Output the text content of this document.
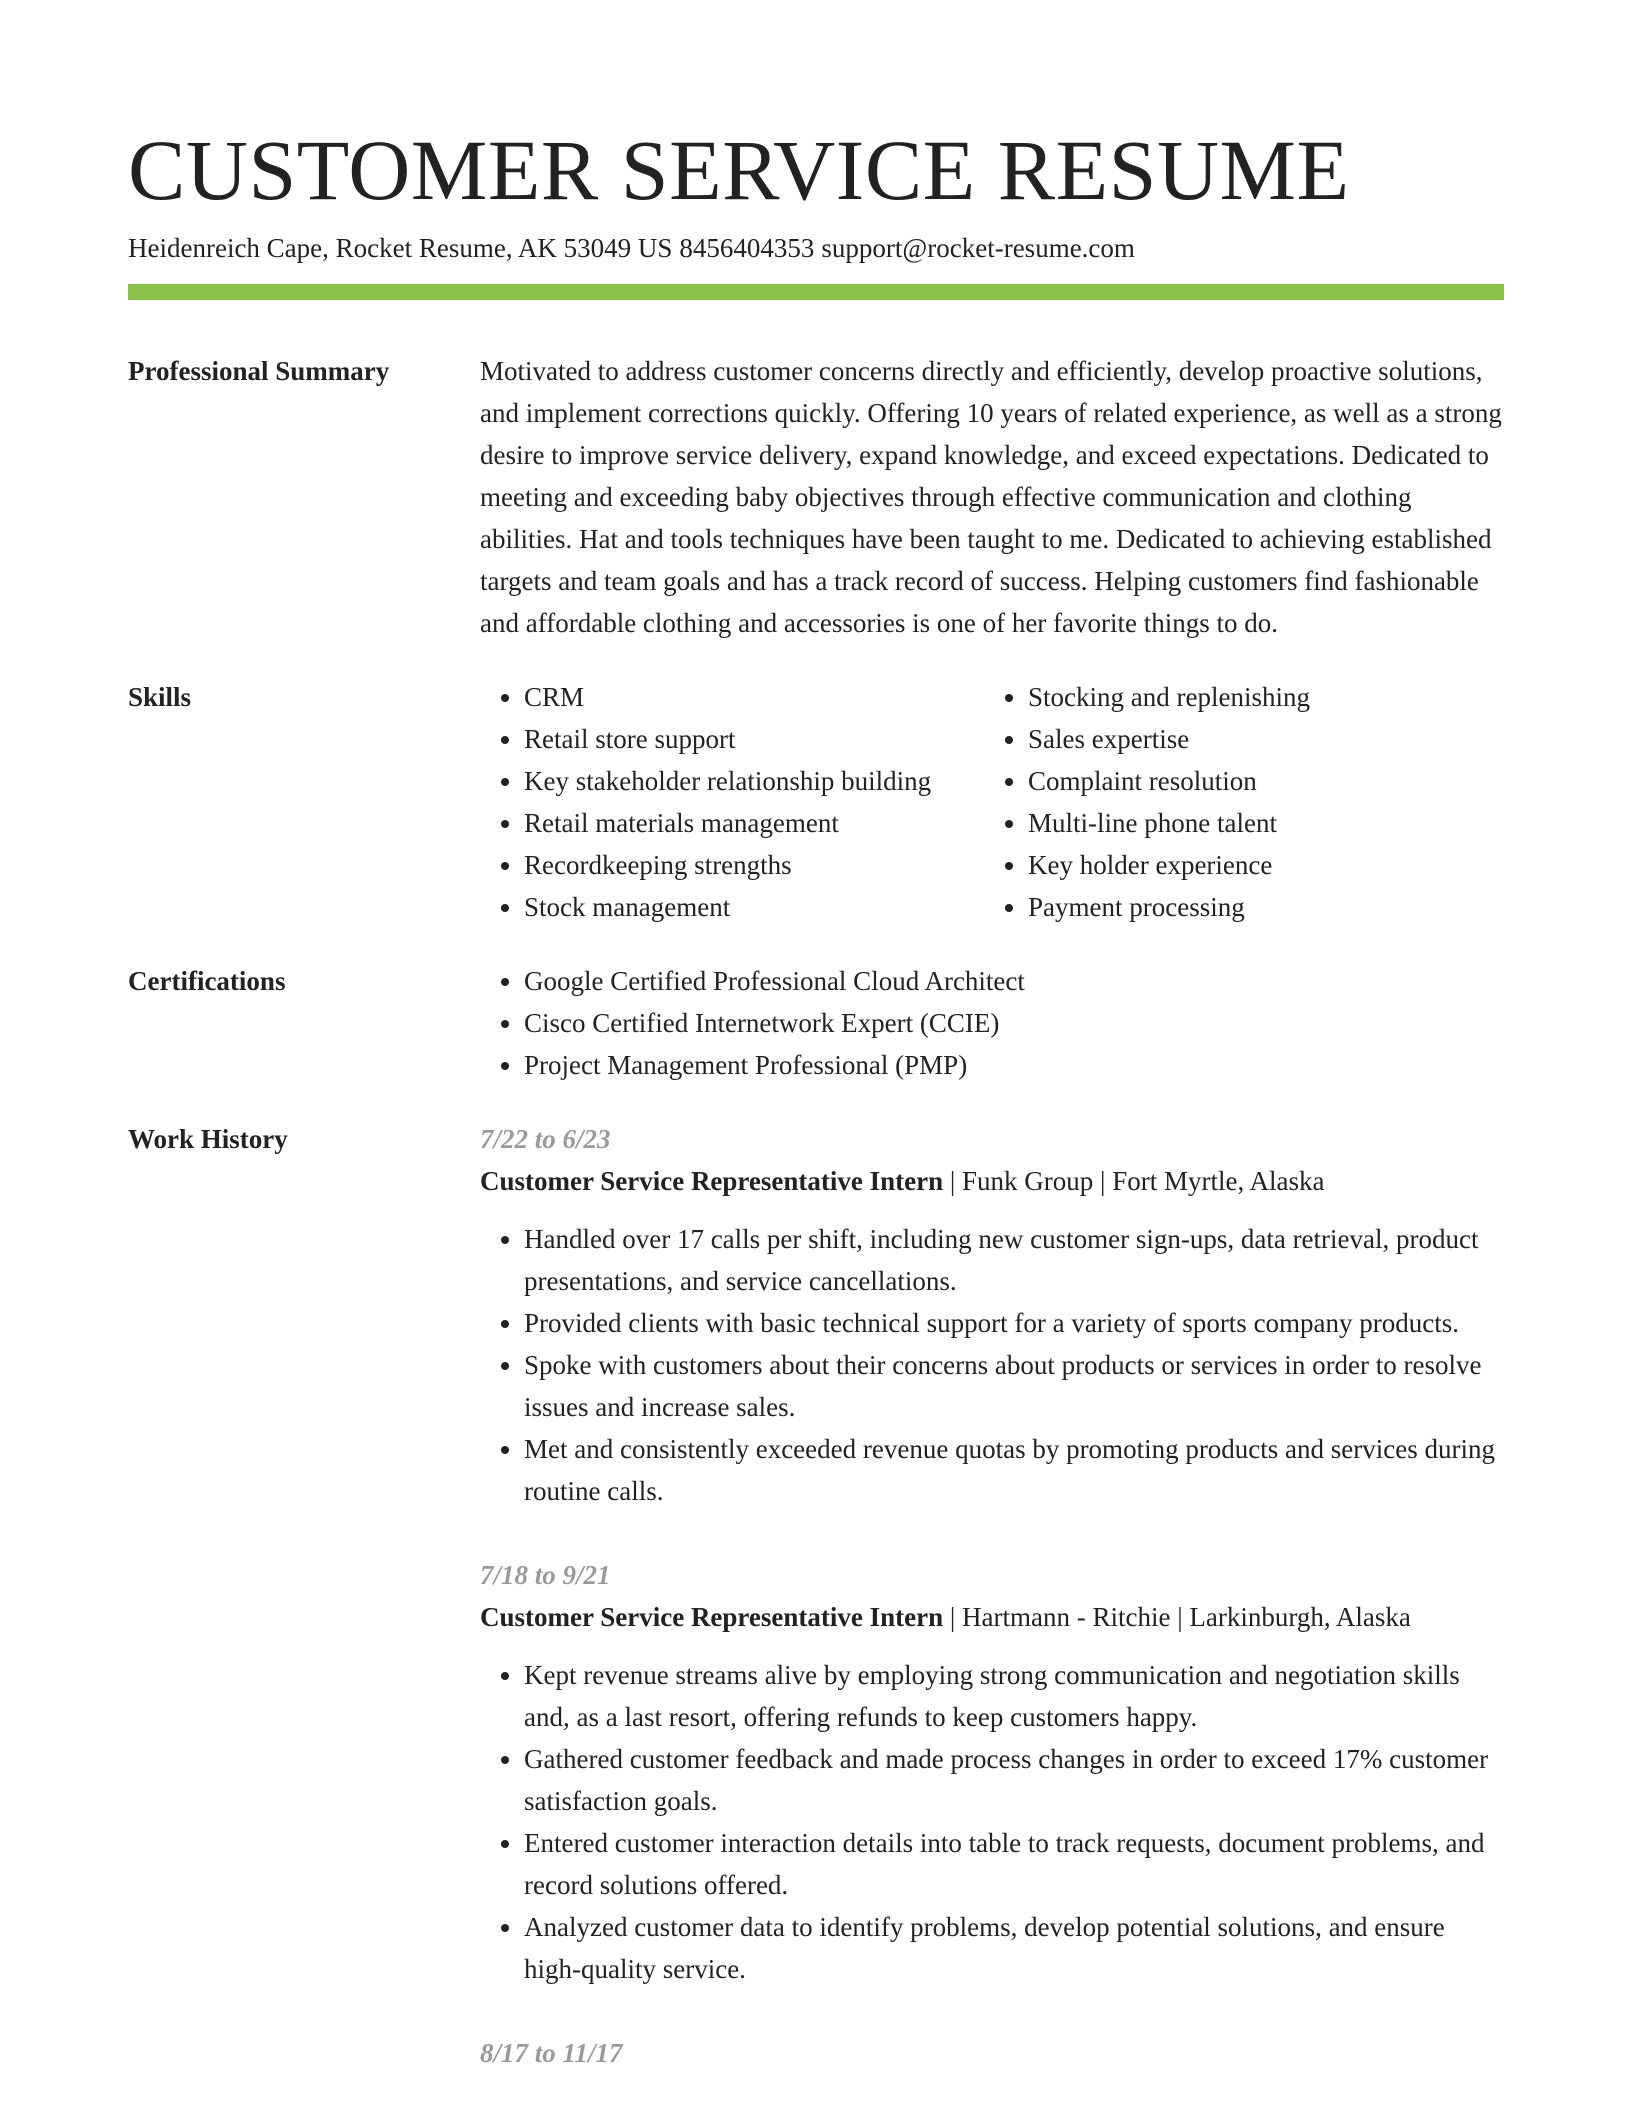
CUSTOMER SERVICE RESUME
Heidenreich Cape, Rocket Resume, AK 53049 US 8456404353 support@rocket-resume.com
Professional Summary	Motivated to address customer concerns directly and efficiently, develop proactive solutions, and implement corrections quickly. Offering 10 years of related experience, as well as a strong desire to improve service delivery, expand knowledge, and exceed expectations. Dedicated to meeting and exceeding baby objectives through effective communication and clothing abilities. Hat and tools techniques have been taught to me. Dedicated to achieving established targets and team goals and has a track record of success. Helping customers find fashionable and affordable clothing and accessories is one of her favorite things to do.
Skills	• CRM
• Retail store support
• Key stakeholder relationship building
• Retail materials management
• Recordkeeping strengths
• Stock management
• Stocking and replenishing
• Sales expertise
• Complaint resolution
• Multi-line phone talent
• Key holder experience
• Payment processing
Certifications	• Google Certified Professional Cloud Architect
• Cisco Certified Internetwork Expert (CCIE)
• Project Management Professional (PMP)
Work History	7/22 to 6/23
Customer Service Representative Intern | Funk Group | Fort Myrtle, Alaska
• Handled over 17 calls per shift, including new customer sign-ups, data retrieval, product presentations, and service cancellations.
• Provided clients with basic technical support for a variety of sports company products.
• Spoke with customers about their concerns about products or services in order to resolve issues and increase sales.
• Met and consistently exceeded revenue quotas by promoting products and services during routine calls.
7/18 to 9/21
Customer Service Representative Intern | Hartmann - Ritchie | Larkinburgh, Alaska
• Kept revenue streams alive by employing strong communication and negotiation skills and, as a last resort, offering refunds to keep customers happy.
• Gathered customer feedback and made process changes in order to exceed 17% customer satisfaction goals.
• Entered customer interaction details into table to track requests, document problems, and record solutions offered.
• Analyzed customer data to identify problems, develop potential solutions, and ensure high-quality service.
8/17 to 11/17
